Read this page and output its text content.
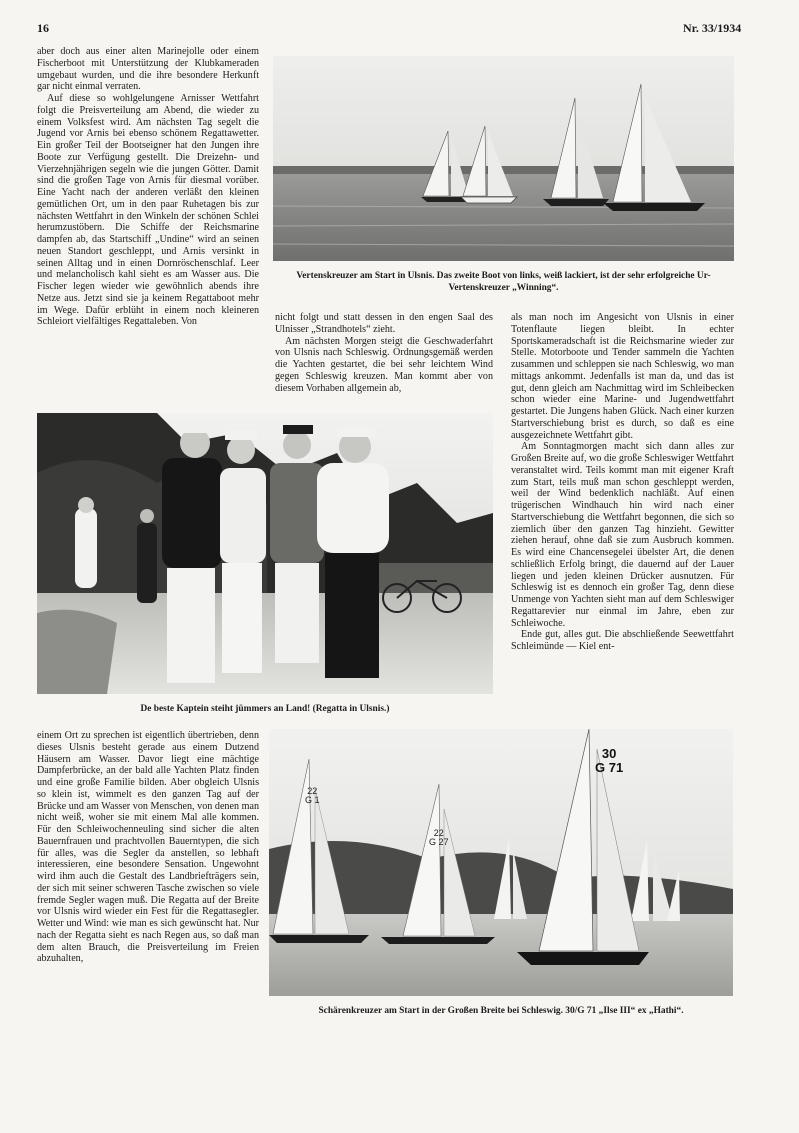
16	Nr. 33/1934

aber doch aus einer alten Marinejolle oder einem Fischerboot mit Unterstützung der Klubkameraden umgebaut wurden, und die ihre besondere Herkunft gar nicht einmal verraten.

Auf diese so wohlgelungene Arnisser Wettfahrt folgt die Preisverteilung am Abend, die wieder zu einem Volksfest wird. Am nächsten Tag segelt die Jugend vor Arnis bei ebenso schönem Regattawetter. Ein großer Teil der Bootseigner hat den Jungen ihre Boote zur Verfügung gestellt. Die Dreizehn- und Vierzehnjährigen segeln wie die jungen Götter. Damit sind die großen Tage von Arnis für diesmal vorüber. Eine Yacht nach der anderen verläßt den kleinen gemütlichen Ort, um in den paar Ruhetagen bis zur nächsten Wettfahrt in den Winkeln der schönen Schlei herumzustöbern. Die Schiffe der Reichsmarine dampfen ab, das Startschiff „Undine“ wird an seinen neuen Standort geschleppt, und Arnis versinkt in seinen Alltag und in einen Dornröschenschlaf. Leer und melancholisch kahl sieht es am Wasser aus. Die Fischer legen wieder wie gewöhnlich abends ihre Netze aus. Jetzt sind sie ja keinem Regattaboot mehr im Wege. Dafür erblüht in einem noch kleineren Schleiort vielfältiges Regattaleben. Von

Vertenskreuzer am Start in Ulsnis. Das zweite Boot von links, weiß lackiert, ist der sehr erfolgreiche Ur-Vertenskreuzer „Winning“.

nicht folgt und statt dessen in den engen Saal des Ulnisser „Strandhotels“ zieht.

Am nächsten Morgen steigt die Geschwaderfahrt von Ulsnis nach Schleswig. Ordnungsgemäß werden die Yachten gestartet, die bei sehr leichtem Wind gegen Schleswig kreuzen. Man kommt aber von diesem Vorhaben allgemein ab,

als man noch im Angesicht von Ulsnis in einer Totenflaute liegen bleibt. In echter Sportskameradschaft ist die Reichsmarine wieder zur Stelle. Motorboote und Tender sammeln die Yachten zusammen und schleppen sie nach Schleswig, wo man mittags ankommt. Jedenfalls ist man da, und das ist gut, denn gleich am Nachmittag wird im Schleibecken schon wieder eine Marine- und Jugendwettfahrt gestartet. Die Jungens haben Glück. Nach einer kurzen Startverschiebung brist es durch, so daß es eine ausgezeichnete Wettfahrt gibt.

Am Sonntagmorgen macht sich dann alles zur Großen Breite auf, wo die große Schleswiger Wettfahrt veranstaltet wird. Teils kommt man mit eigener Kraft zum Start, teils muß man schon geschleppt werden, weil der Wind bedenklich nachläßt. Auf einen trügerischen Windhauch hin wird nach einer Startverschiebung die Wettfahrt begonnen, die sich so ziemlich über den ganzen Tag hinzieht. Gewitter ziehen herauf, ohne daß sie zum Ausbruch kommen. Es wird eine Chancensegelei übelster Art, die denen schließlich Erfolg bringt, die dauernd auf der Lauer liegen und jeden kleinen Drücker ausnutzen. Für Schleswig ist es dennoch ein großer Tag, denn diese Unmenge von Yachten sieht man auf dem Schleswiger Regattarevier nur einmal im Jahre, eben zur Schleiwoche.

Ende gut, alles gut. Die abschließende Seewettfahrt Schleimünde — Kiel ent-

De beste Kaptein steiht jümmers an Land! (Regatta in Ulsnis.)

einem Ort zu sprechen ist eigentlich übertrieben, denn dieses Ulsnis besteht gerade aus einem Dutzend Häusern am Wasser. Davor liegt eine mächtige Dampferbrücke, an der bald alle Yachten Platz finden und eine große Familie bilden. Aber obgleich Ulsnis so klein ist, wimmelt es den ganzen Tag auf der Brücke und am Wasser von Menschen, von denen man nicht weiß, woher sie mit einem Mal alle kommen. Für den Schleiwochenneuling sind sicher die alten Bauernfrauen und prachtvollen Bauerntypen, die sich für alles, was die Segler da anstellen, so lebhaft interessieren, eine besondere Sensation. Ungewohnt wird ihm auch die Gestalt des Landbriefträgers sein, der sich mit seiner schweren Tasche zwischen so viele fremde Segler wagen muß. Die Regatta auf der Breite vor Ulsnis wird wieder ein Fest für die Regattasegler. Wetter und Wind: wie man es sich gewünscht hat. Nur nach der Regatta sieht es nach Regen aus, so daß man dem alten Brauch, die Preisverteilung im Freien abzuhalten,

22
G 1
22
G 27
30
G 71
Schärenkreuzer am Start in der Großen Breite bei Schleswig. 30/G 71 „Ilse III“ ex „Hathi“.
